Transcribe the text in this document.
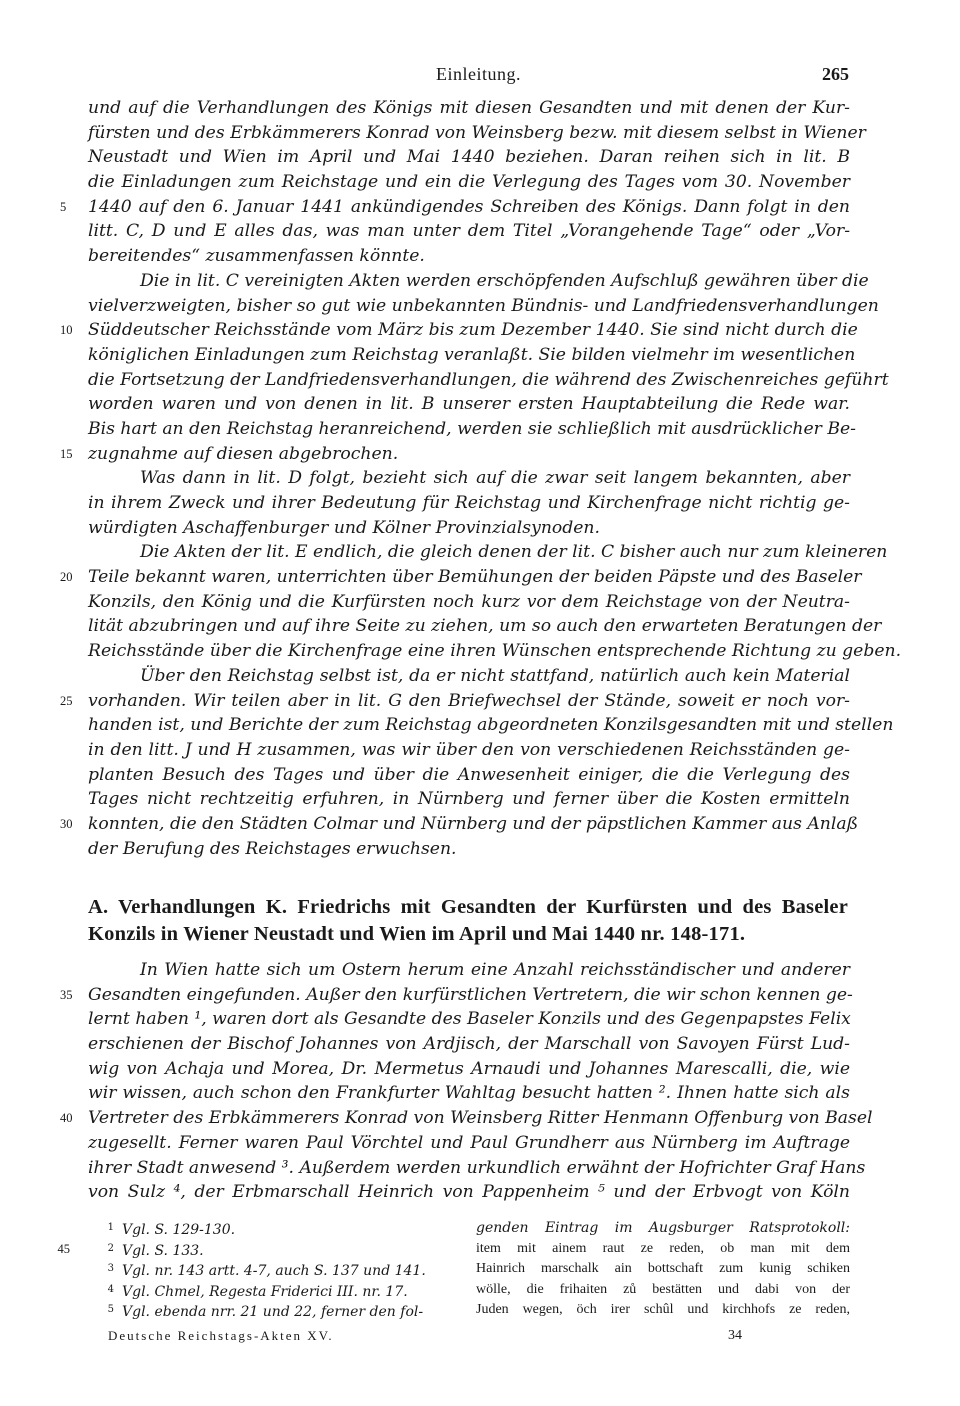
Einleitung.	265
und auf die Verhandlungen des Königs mit diesen Gesandten und mit denen der Kur-
fürsten und des Erbkämmerers Konrad von Weinsberg bezw. mit diesem selbst in Wiener
Neustadt und Wien im April und Mai 1440 beziehen. Daran reihen sich in lit. B
die Einladungen zum Reichstage und ein die Verlegung des Tages vom 30. November
5	1440 auf den 6. Januar 1441 ankündigendes Schreiben des Königs. Dann folgt in den
litt. C, D und E alles das, was man unter dem Titel „Vorangehende Tage“ oder „Vor-
bereitendes“ zusammenfassen könnte.
Die in lit. C vereinigten Akten werden erschöpfenden Aufschluß gewähren über die
vielverzweigten, bisher so gut wie unbekannten Bündnis- und Landfriedensverhandlungen
10 Süddeutscher Reichsstände vom März bis zum Dezember 1440. Sie sind nicht durch die
königlichen Einladungen zum Reichstag veranlaßt. Sie bilden vielmehr im wesentlichen
die Fortsetzung der Landfriedensverhandlungen, die während des Zwischenreiches geführt
worden waren und von denen in lit. B unserer ersten Hauptabteilung die Rede war.
Bis hart an den Reichstag heranreichend, werden sie schließlich mit ausdrücklicher Be-
15 zugnahme auf diesen abgebrochen.
Was dann in lit. D folgt, bezieht sich auf die zwar seit langem bekannten, aber
in ihrem Zweck und ihrer Bedeutung für Reichstag und Kirchenfrage nicht richtig ge-
würdigten Aschaffenburger und Kölner Provinzialsynoden.
Die Akten der lit. E endlich, die gleich denen der lit. C bisher auch nur zum kleineren
20 Teile bekannt waren, unterrichten über Bemühungen der beiden Päpste und des Baseler
Konzils, den König und die Kurfürsten noch kurz vor dem Reichstage von der Neutra-
lität abzubringen und auf ihre Seite zu ziehen, um so auch den erwarteten Beratungen der
Reichsstände über die Kirchenfrage eine ihren Wünschen entsprechende Richtung zu geben.
Über den Reichstag selbst ist, da er nicht stattfand, natürlich auch kein Material
25 vorhanden. Wir teilen aber in lit. G den Briefwechsel der Stände, soweit er noch vor-
handen ist, und Berichte der zum Reichstag abgeordneten Konzilsgesandten mit und stellen
in den litt. J und H zusammen, was wir über den von verschiedenen Reichsständen ge-
planten Besuch des Tages und über die Anwesenheit einiger, die die Verlegung des
Tages nicht rechtzeitig erfuhren, in Nürnberg und ferner über die Kosten ermitteln
30 konnten, die den Städten Colmar und Nürnberg und der päpstlichen Kammer aus Anlaß
der Berufung des Reichstages erwuchsen.
A. Verhandlungen K. Friedrichs mit Gesandten der Kurfürsten und des Baseler
Konzils in Wiener Neustadt und Wien im April und Mai 1440 nr. 148-171.
In Wien hatte sich um Ostern herum eine Anzahl reichsständischer und anderer
35 Gesandten eingefunden. Außer den kurfürstlichen Vertretern, die wir schon kennen ge-
lernt haben ¹, waren dort als Gesandte des Baseler Konzils und des Gegenpapstes Felix
erschienen der Bischof Johannes von Ardjisch, der Marschall von Savoyen Fürst Lud-
wig von Achaja und Morea, Dr. Mermetus Arnaudi und Johannes Marescalli, die, wie
wir wissen, auch schon den Frankfurter Wahltag besucht hatten ². Ihnen hatte sich als
40 Vertreter des Erbkämmerers Konrad von Weinsberg Ritter Henmann Offenburg von Basel
zugesellt. Ferner waren Paul Vörchtel und Paul Grundherr aus Nürnberg im Auftrage
ihrer Stadt anwesend ³. Außerdem werden urkundlich erwähnt der Hofrichter Graf Hans
von Sulz ⁴, der Erbmarschall Heinrich von Pappenheim ⁵ und der Erbvogt von Köln
1 Vgl. S. 129-130.
45	2 Vgl. S. 133.
3 Vgl. nr. 143 artt. 4-7, auch S. 137 und 141.
4 Vgl. Chmel, Regesta Friderici III. nr. 17.
5 Vgl. ebenda nrr. 21 und 22, ferner den fol-
genden Eintrag im Augsburger Ratsprotokoll:
item mit ainem raut ze reden, ob man mit dem
Hainrich marschalk ain bottschaft zum kunig schiken
wölle, die frihaiten zů bestätten und dabi von der
Juden wegen, öch irer schûl und kirchhofs ze reden,
Deutsche Reichstags-Akten XV.	34
